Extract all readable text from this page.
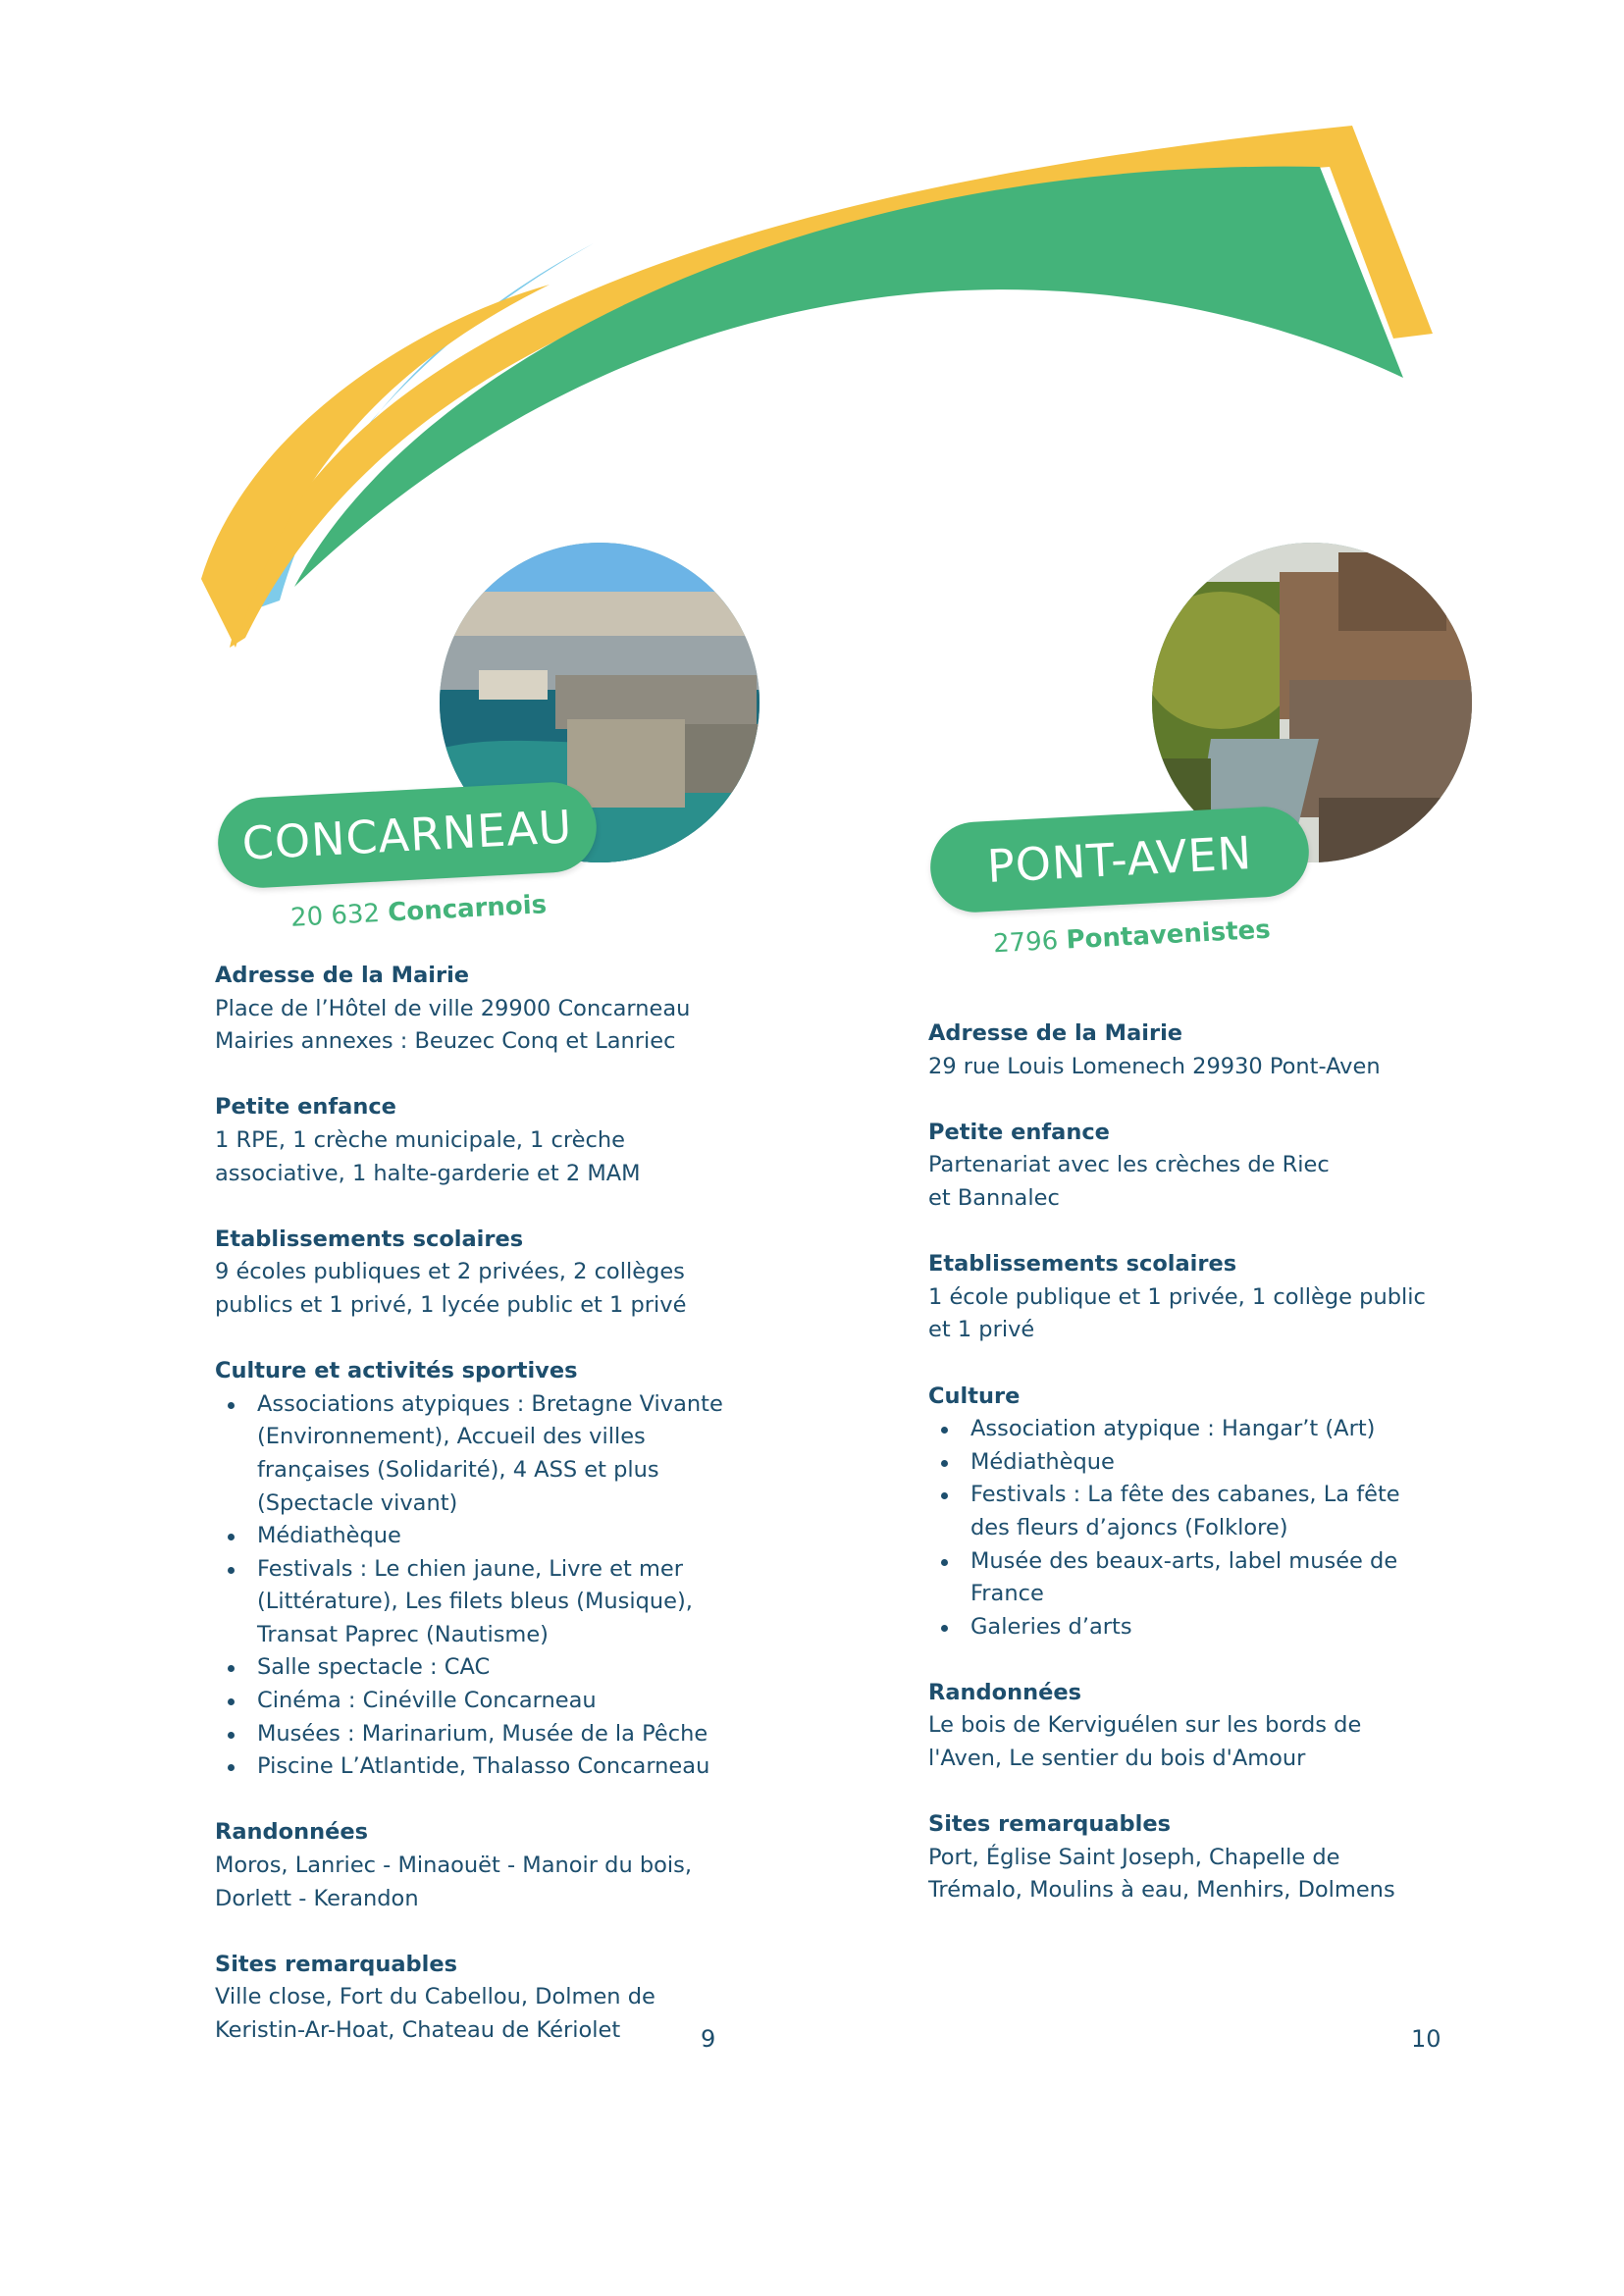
CONCARNEAU
20 632 Concarnois
Adresse de la Mairie

Place de l’Hôtel de ville 29900 Concarneau

Mairies annexes : Beuzec Conq et Lanriec

Petite enfance

1 RPE, 1 crèche municipale, 1 crèche

associative, 1 halte-garderie et 2 MAM

Etablissements scolaires

9 écoles publiques et 2 privées, 2 collèges

publics et 1 privé, 1 lycée public et 1 privé

Culture et activités sportives
Associations atypiques : Bretagne Vivante
(Environnement), Accueil des villes
françaises (Solidarité), 4 ASS et plus
(Spectacle vivant)
Médiathèque
Festivals : Le chien jaune, Livre et mer
(Littérature), Les filets bleus (Musique),
Transat Paprec (Nautisme)
Salle spectacle : CAC
Cinéma : Cinéville Concarneau
Musées : Marinarium, Musée de la Pêche
Piscine L’Atlantide, Thalasso Concarneau
Randonnées

Moros, Lanriec - Minaouët - Manoir du bois,

Dorlett - Kerandon

Sites remarquables

Ville close, Fort du Cabellou, Dolmen de

Keristin-Ar-Hoat, Chateau de Kériolet	9
PONT-AVEN
2796 Pontavenistes
Adresse de la Mairie

29 rue Louis Lomenech 29930 Pont-Aven

Petite enfance

Partenariat avec les crèches de Riec

et Bannalec

Etablissements scolaires

1 école publique et 1 privée, 1 collège public

et 1 privé

Culture
Association atypique : Hangar’t (Art)
Médiathèque
Festivals : La fête des cabanes, La fête
des fleurs d’ajoncs (Folklore)
Musée des beaux-arts, label musée de
France
Galeries d’arts
Randonnées

Le bois de Kerviguélen sur les bords de

l'Aven, Le sentier du bois d'Amour

Sites remarquables

Port, Église Saint Joseph, Chapelle de

Trémalo, Moulins à eau, Menhirs, Dolmens

10
